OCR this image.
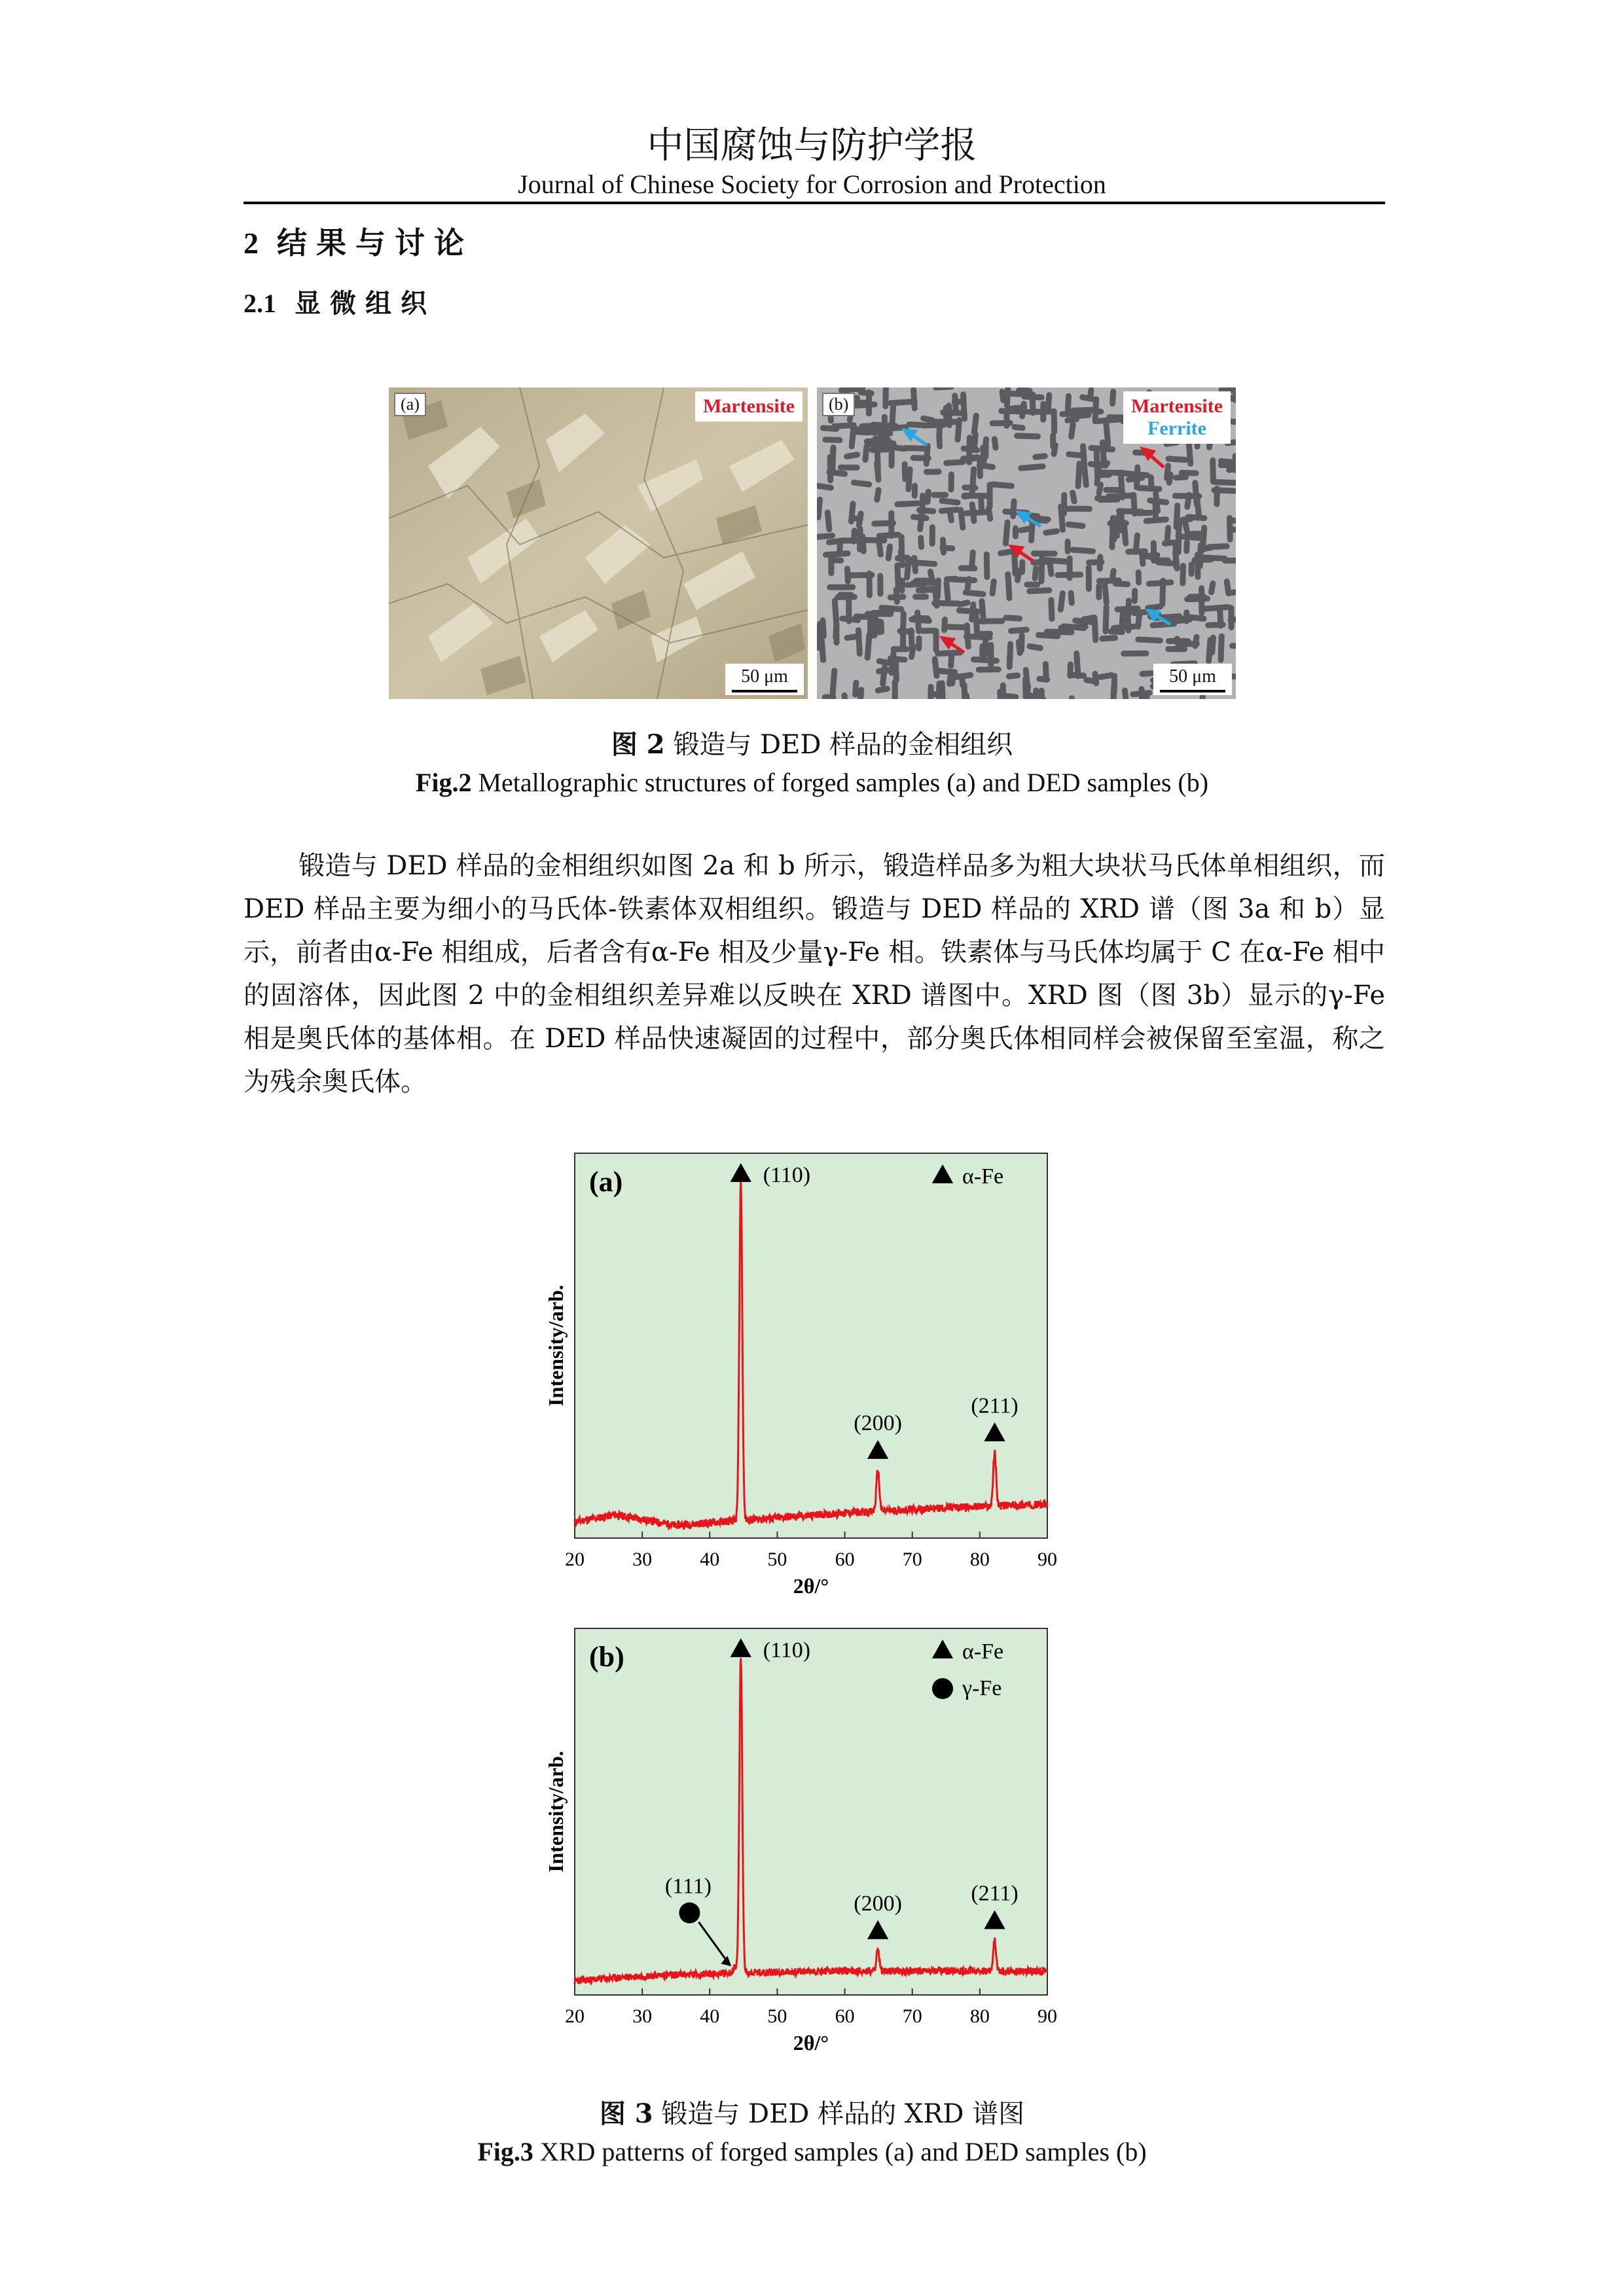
中国腐蚀与防护学报
Journal of Chinese Society for Corrosion and Protection
2 结果与讨论
2.1 显微组织
(a)	Martensite
50 μm
(b)	Martensite
Ferrite
50 μm
图 2 锻造与 DED 样品的金相组织
Fig.2 Metallographic structures of forged samples (a) and DED samples (b)

锻造与 DED 样品的金相组织如图 2a 和 b 所示，锻造样品多为粗大块状马氏体单相组织，而 DED 样品主要为细小的马氏体-铁素体双相组织。锻造与 DED 样品的 XRD 谱（图 3a 和 b）显示，前者由α-Fe 相组成，后者含有α-Fe 相及少量γ-Fe 相。铁素体与马氏体均属于 C 在α-Fe 相中的固溶体，因此图 2 中的金相组织差异难以反映在 XRD 谱图中。XRD 图（图 3b）显示的γ-Fe 相是奥氏体的基体相。在 DED 样品快速凝固的过程中，部分奥氏体相同样会被保留至室温，称之为残余奥氏体。

(110)
(200)
(211)
(a)	α-Fe
20 30 40 50 60 70 80 90
2θ/°
Intensity/arb.
(111)
(110)
(200)	(211)
(b)	α-Fe
γ-Fe
20 30 40 50 60 70 80 90
2θ/°
Intensity/arb.
图 3 锻造与 DED 样品的 XRD 谱图
Fig.3 XRD patterns of forged samples (a) and DED samples (b)
